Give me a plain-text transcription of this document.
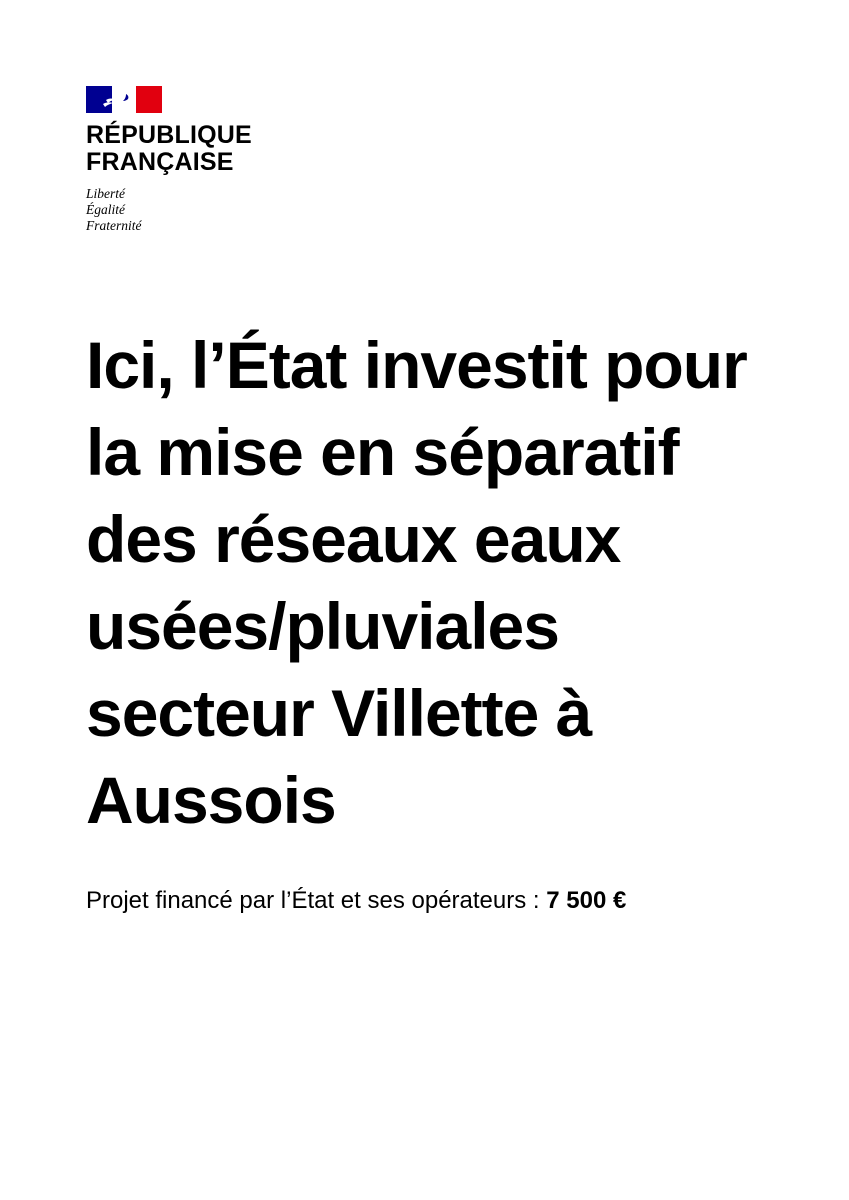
RÉPUBLIQUE
FRANÇAISE
Liberté
Égalité
Fraternité
Ici, l’État investit pour
la mise en séparatif
des réseaux eaux
usées/pluviales
secteur Villette à
Aussois
Projet financé par l’État et ses opérateurs : 7 500 €
